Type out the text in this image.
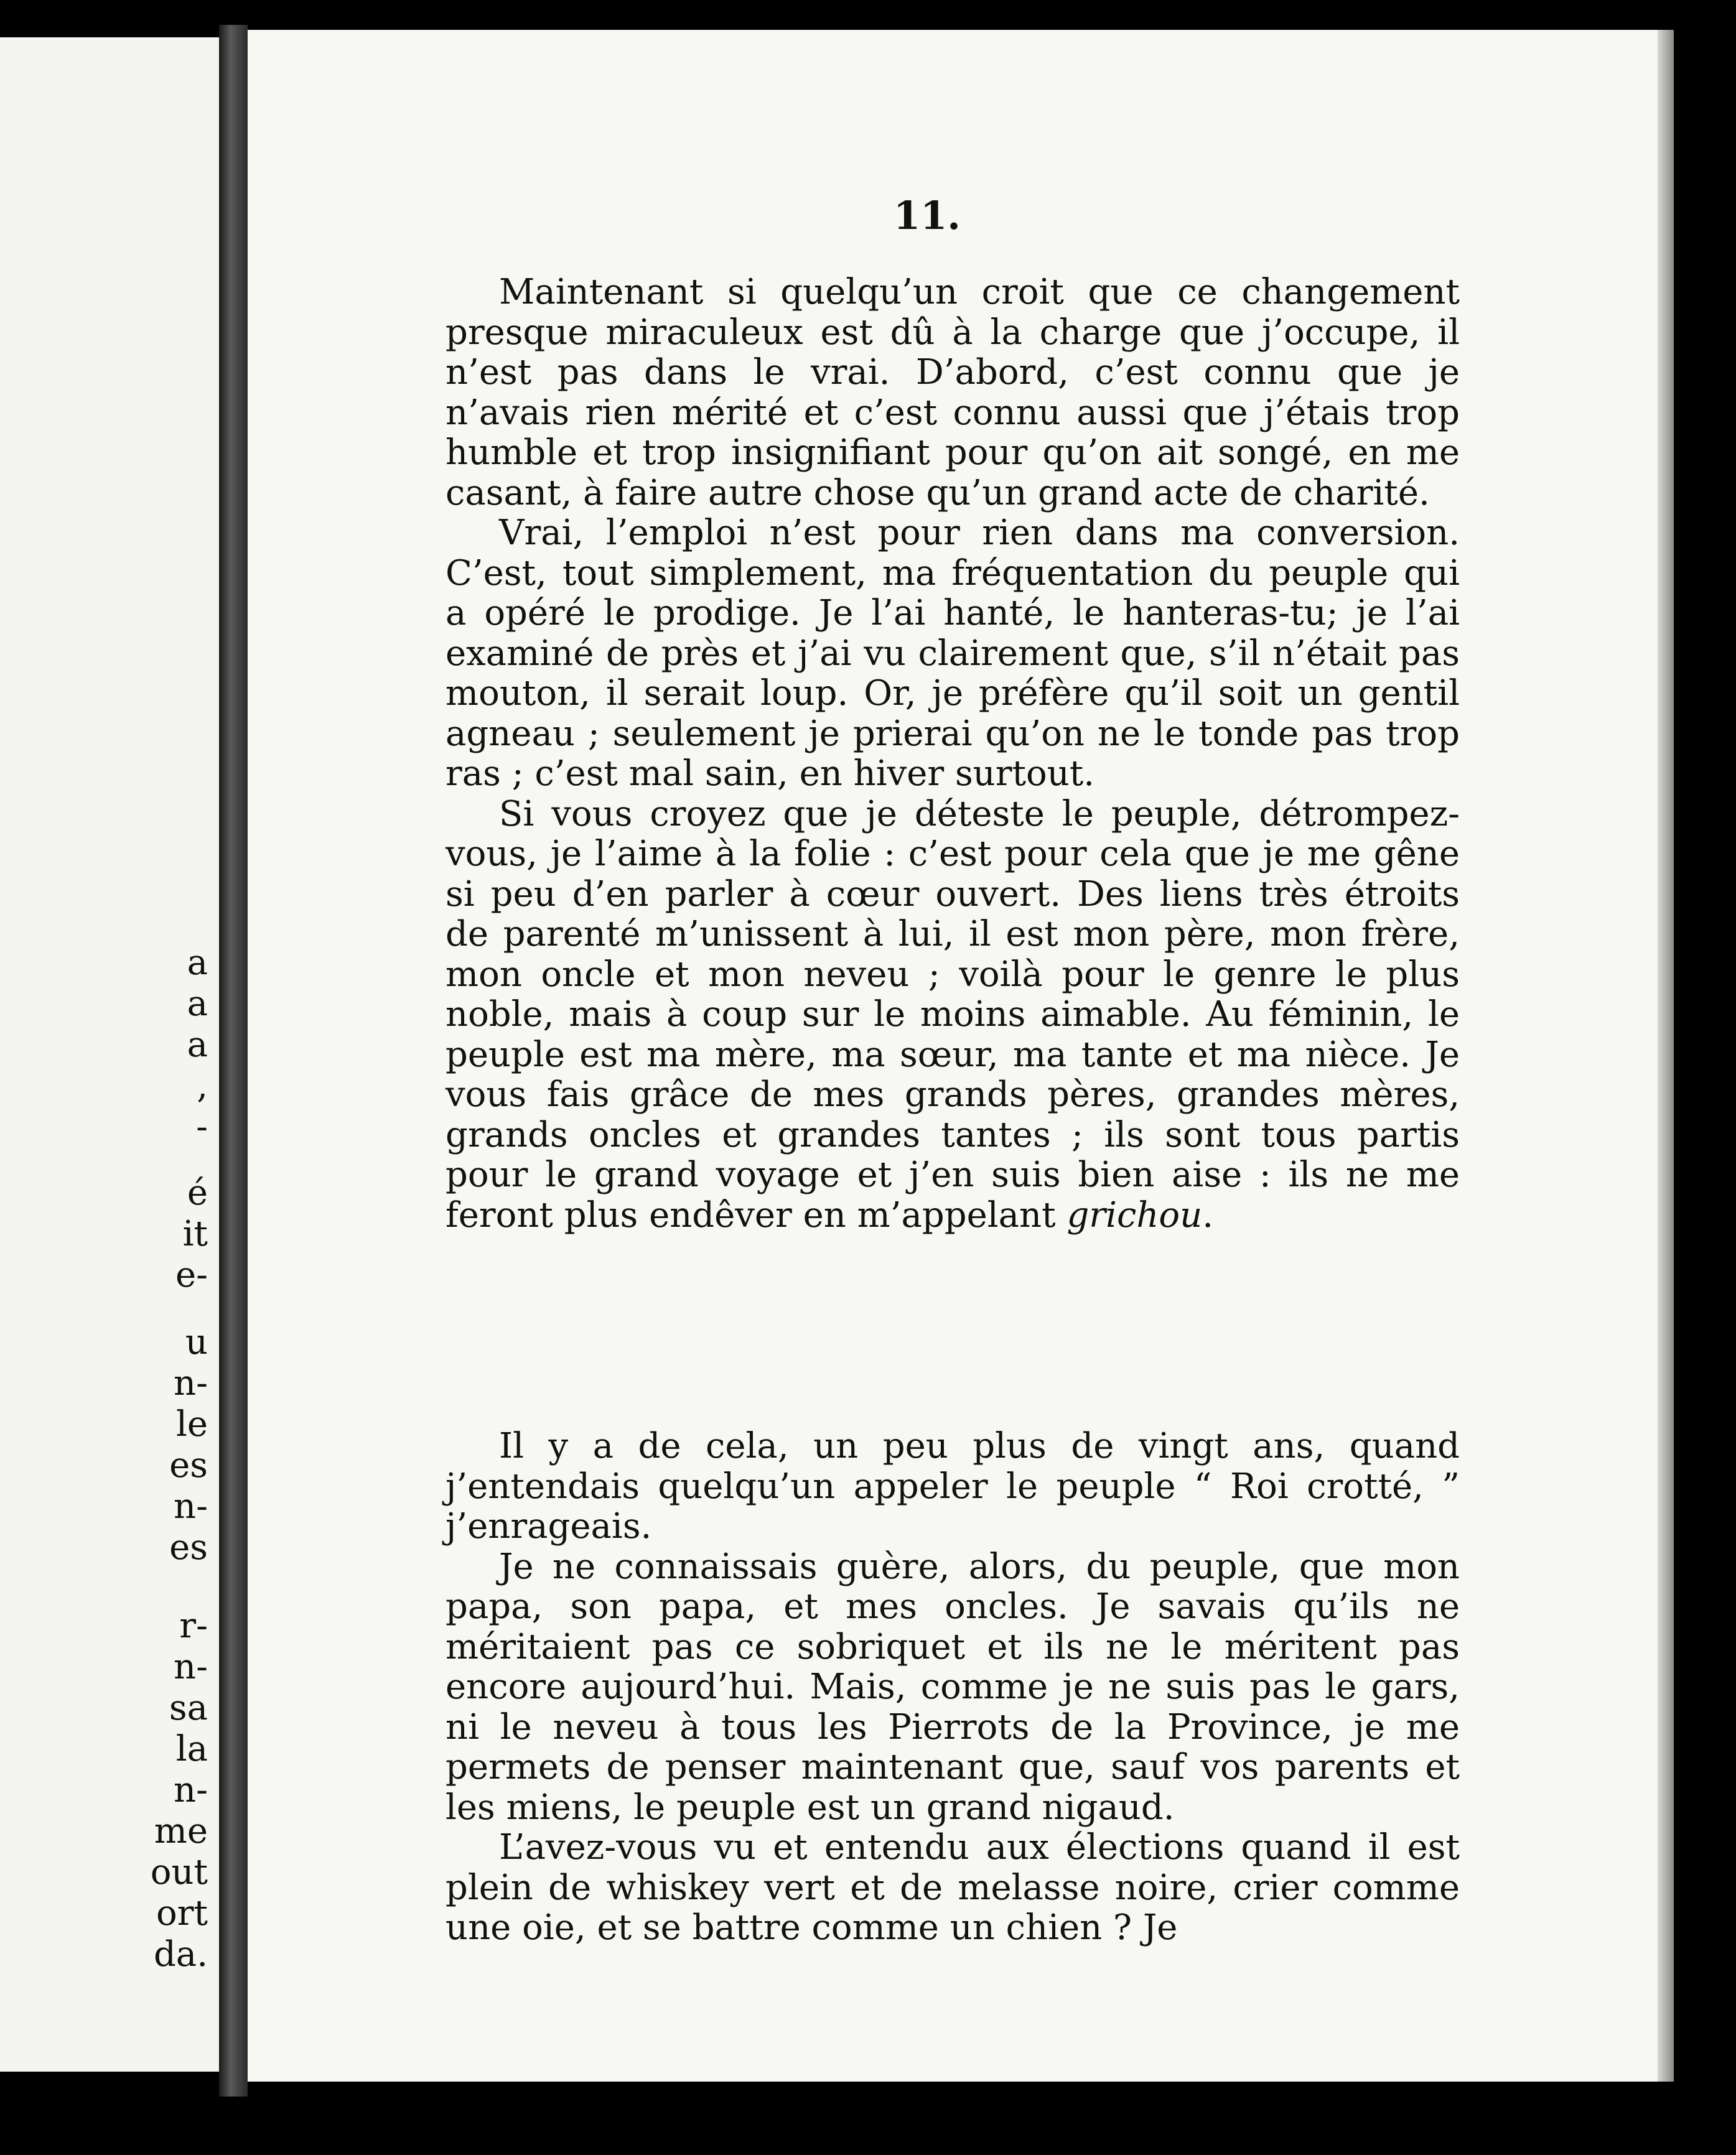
a

a

a

,

-

é

it

e-

u

n-

le

es

n-

es

r-

n-

sa

la

n-

me

out

ort

da.

11.

Maintenant si quelqu’un croit que ce changement presque miraculeux est dû à la charge que j’occupe, il n’est pas dans le vrai. D’abord, c’est connu que je n’avais rien mérité et c’est connu aussi que j’étais trop humble et trop insignifiant pour qu’on ait songé, en me casant, à faire autre chose qu’un grand acte de charité.

Vrai, l’emploi n’est pour rien dans ma conversion. C’est, tout simplement, ma fréquentation du peuple qui a opéré le prodige. Je l’ai hanté, le hanteras-tu; je l’ai examiné de près et j’ai vu clairement que, s’il n’était pas mouton, il serait loup. Or, je préfère qu’il soit un gentil agneau ; seulement je prierai qu’on ne le tonde pas trop ras ; c’est mal sain, en hiver surtout.

Si vous croyez que je déteste le peuple, détrompez-vous, je l’aime à la folie : c’est pour cela que je me gêne si peu d’en parler à cœur ouvert. Des liens très étroits de parenté m’unissent à lui, il est mon père, mon frère, mon oncle et mon neveu ; voilà pour le genre le plus noble, mais à coup sur le moins aimable. Au féminin, le peuple est ma mère, ma sœur, ma tante et ma nièce. Je vous fais grâce de mes grands pères, grandes mères, grands oncles et grandes tantes ; ils sont tous partis pour le grand voyage et j’en suis bien aise : ils ne me feront plus endêver en m’appelant grichou.

Il y a de cela, un peu plus de vingt ans, quand j’entendais quelqu’un appeler le peuple “ Roi crotté, ” j’enrageais.

Je ne connaissais guère, alors, du peuple, que mon papa, son papa, et mes oncles. Je savais qu’ils ne méritaient pas ce sobriquet et ils ne le méritent pas encore aujourd’hui. Mais, comme je ne suis pas le gars, ni le neveu à tous les Pierrots de la Province, je me permets de penser maintenant que, sauf vos parents et les miens, le peuple est un grand nigaud.

L’avez-vous vu et entendu aux élections quand il est plein de whiskey vert et de melasse noire, crier comme une oie, et se battre comme un chien ? Je
